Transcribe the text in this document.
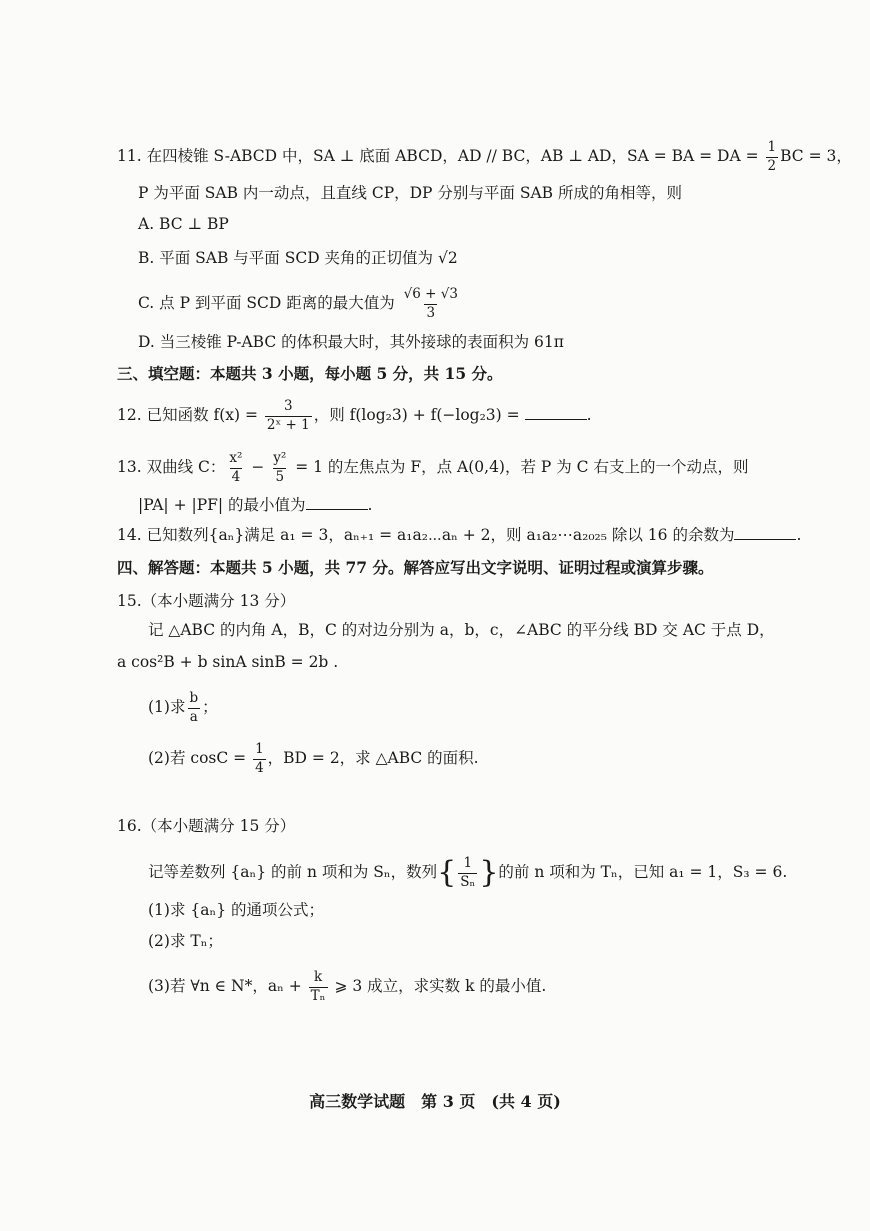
11. 在四棱锥 S-ABCD 中，SA ⊥ 底面 ABCD，AD // BC，AB ⊥ AD，SA = BA = DA = $\frac{1}{2}$ BC = 3，
P 为平面 SAB 内一动点，且直线 CP，DP 分别与平面 SAB 所成的角相等，则
A. BC ⊥ BP
B. 平面 SAB 与平面 SCD 夹角的正切值为 √2
C. 点 P 到平面 SCD 距离的最大值为 $\frac{√6 + √3}{3}$
D. 当三棱锥 P-ABC 的体积最大时，其外接球的表面积为 61π
三、填空题：本题共 3 小题，每小题 5 分，共 15 分。
12. 已知函数 $f(x) = \frac{3}{\text{2ˣ + 1}}$ ，则 f(log₂3) + f(−log₂3) =	.
13. 双曲线 C： $\frac{\text{x²}}{4} - \frac{\text{y²}}{5} = 1$ 的左焦点为 F，点 A(0,4)，若 P 为 C 右支上的一个动点，则
|PA| + |PF| 的最小值为	.
14. 已知数列{aₙ}满足 a₁ = 3，aₙ₊₁ = a₁a₂⋯aₙ + 2，则 a₁a₂⋯a₂₀₂₅ 除以 16 的余数为	.
四、解答题：本题共 5 小题，共 77 分。解答应写出文字说明、证明过程或演算步骤。
15.（本小题满分 13 分）
记 △ABC 的内角 A，B，C 的对边分别为 a，b，c，∠ABC 的平分线 BD 交 AC 于点 D，
a cos²B + b sinA sinB = 2b .
(1)求 $\frac{b}{a}$ ；
(2)若 $\cos C = \frac{1}{4}$ ，BD = 2，求 △ABC 的面积.
16.（本小题满分 15 分）
记等差数列 {aₙ} 的前 n 项和为 Sₙ，数列{ $\frac{1}{\text{Sₙ}}$ }的前 n 项和为 Tₙ，已知 a₁ = 1，S₃ = 6.
(1)求 {aₙ} 的通项公式；
(2)求 Tₙ；
(3)若 ∀n ∈ N*，$a_n + \frac{k}{\text{Tₙ}}$ ⩾ 3 成立，求实数 k 的最小值.
高三数学试题　第 3 页　(共 4 页)
